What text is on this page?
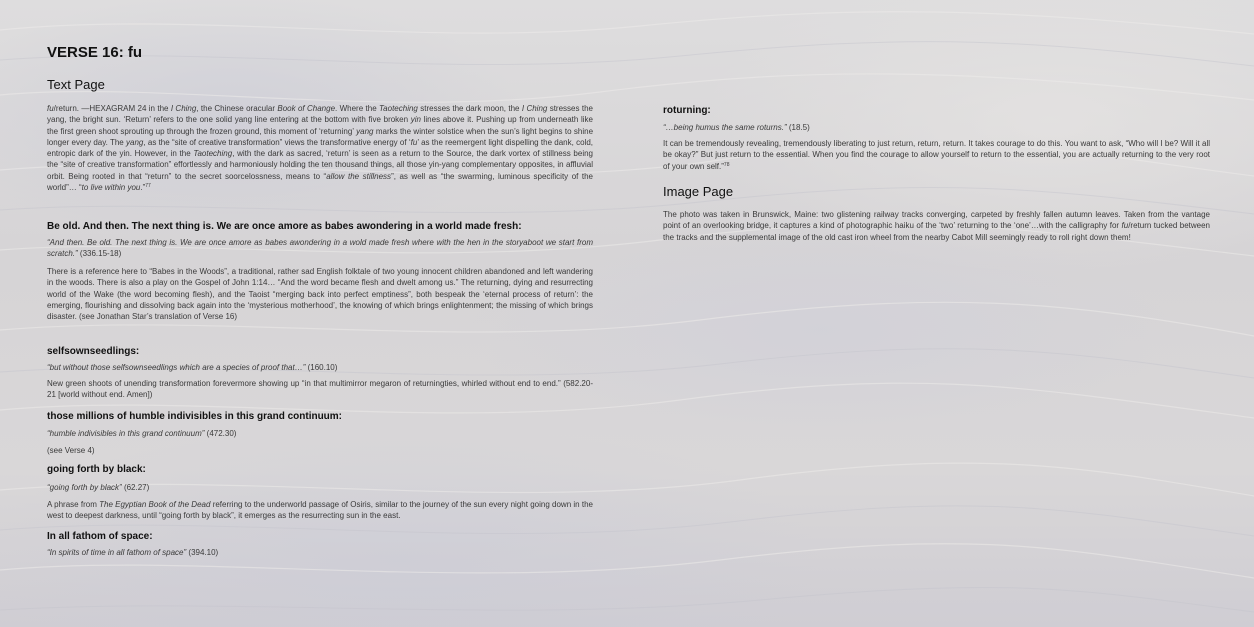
VERSE 16: fu
Text Page

fu/return. —HEXAGRAM 24 in the I Ching, the Chinese oracular Book of Change. Where the Taoteching stresses the dark moon, the I Ching stresses the yang, the bright sun. ‘Return’ refers to the one solid yang line entering at the bottom with five broken yin lines above it. Pushing up from underneath like the first green shoot sprouting up through the frozen ground, this moment of ‘returning’ yang marks the winter solstice when the sun’s light begins to shine longer every day. The yang, as the “site of creative transformation” views the transformative energy of ‘fu’ as the reemergent light dispelling the dank, cold, entropic dark of the yin. However, in the Taoteching, with the dark as sacred, ‘return’ is seen as a return to the Source, the dark vortex of stillness being the “site of creative transformation” effortlessly and harmoniously holding the ten thousand things, all those yin-yang complementary opposites, in affluvial orbit. Being rooted in that “return” to the secret soorcelossness, means to “allow the stillness”, as well as “the swarming, luminous specificity of the world”… “to live within you.”$^{77}$

Be old. And then. The next thing is. We are once amore as babes awondering in a world made fresh:

“And then. Be old. The next thing is. We are once amore as babes awondering in a wold made fresh where with the hen in the storyaboot we start from scratch.” (336.15-18)

There is a reference here to “Babes in the Woods”, a traditional, rather sad English folktale of two young innocent children abandoned and left wandering in the woods. There is also a play on the Gospel of John 1:14… “And the word became flesh and dwelt among us.” The returning, dying and resurrecting world of the Wake (the word becoming flesh), and the Taoist “merging back into perfect emptiness”, both bespeak the ‘eternal process of return’: the emerging, flourishing and dissolving back again into the ‘mysterious motherhood’, the knowing of which brings enlightenment; the missing of which brings disaster. (see Jonathan Star’s translation of Verse 16)

selfsownseedlings:

“but without those selfsownseedlings which are a species of proof that…” (160.10)

New green shoots of unending transformation forevermore showing up “in that multimirror megaron of returningties, whirled without end to end.” (582.20-21 [world without end. Amen])

those millions of humble indivisibles in this grand continuum:

“humble indivisibles in this grand continuum” (472.30)

(see Verse 4)

going forth by black:

“going forth by black” (62.27)

A phrase from The Egyptian Book of the Dead referring to the underworld passage of Osiris, similar to the journey of the sun every night going down in the west to deepest darkness, until “going forth by black”, it emerges as the resurrecting sun in the east.

In all fathom of space:

“In spirits of time in all fathom of space” (394.10)

roturning:

“…being humus the same roturns.” (18.5)

It can be tremendously revealing, tremendously liberating to just return, return, return. It takes courage to do this. You want to ask, “Who will I be? Will it all be okay?” But just return to the essential. When you find the courage to allow yourself to return to the essential, you are actually returning to the very root of your own self.”$^{78}$

Image Page

The photo was taken in Brunswick, Maine: two glistening railway tracks converging, carpeted by freshly fallen autumn leaves. Taken from the vantage point of an overlooking bridge, it captures a kind of photographic haiku of the ‘two’ returning to the ‘one’…with the calligraphy for fu/return tucked between the tracks and the supplemental image of the old cast iron wheel from the nearby Cabot Mill seemingly ready to roll right down them!
